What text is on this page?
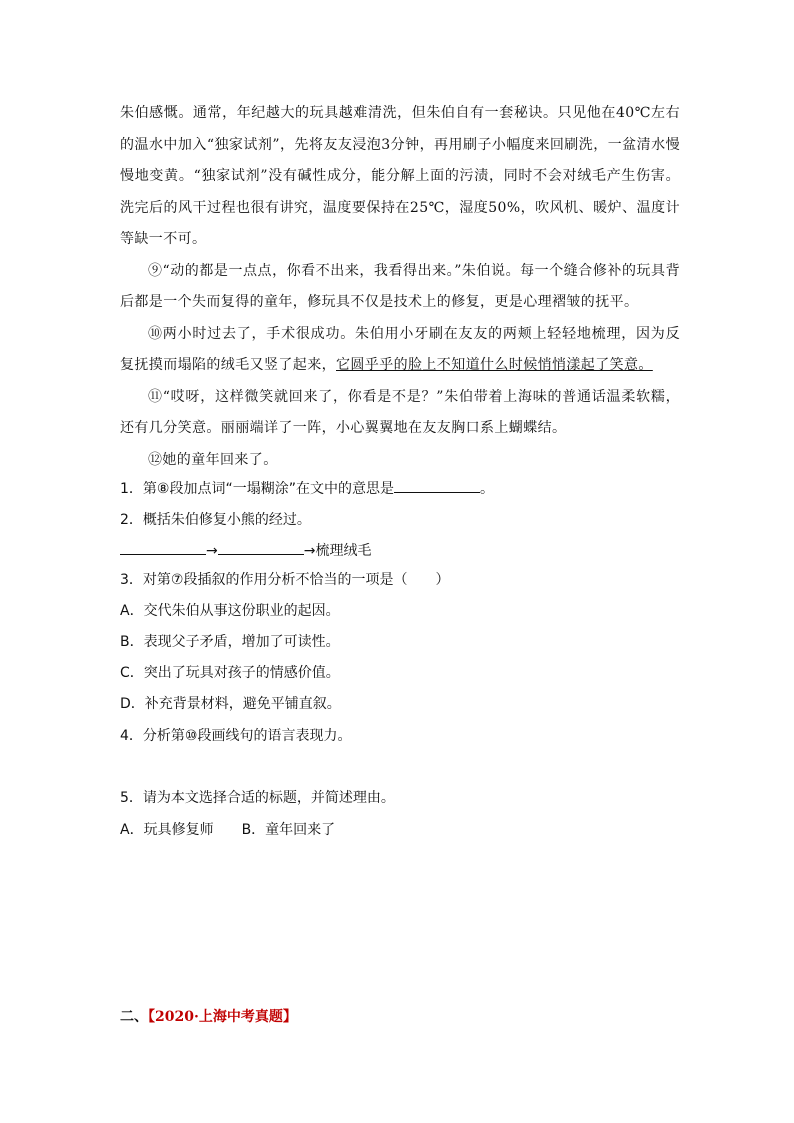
朱伯感慨。通常，年纪越大的玩具越难清洗，但朱伯自有一套秘诀。只见他在40℃左右的温水中加入“独家试剂”，先将友友浸泡3分钟，再用刷子小幅度来回刷洗，一盆清水慢慢地变黄。“独家试剂”没有碱性成分，能分解上面的污渍，同时不会对绒毛产生伤害。洗完后的风干过程也很有讲究，温度要保持在25℃，湿度50%，吹风机、暖炉、温度计等缺一不可。

⑨“动的都是一点点，你看不出来，我看得出来。”朱伯说。每一个缝合修补的玩具背后都是一个失而复得的童年，修玩具不仅是技术上的修复，更是心理褶皱的抚平。

⑩两小时过去了，手术很成功。朱伯用小牙刷在友友的两颊上轻轻地梳理，因为反复抚摸而塌陷的绒毛又竖了起来，它圆乎乎的脸上不知道什么时候悄悄漾起了笑意。

⑪“哎呀，这样微笑就回来了，你看是不是？”朱伯带着上海味的普通话温柔软糯，还有几分笑意。丽丽端详了一阵，小心翼翼地在友友胸口系上蝴蝶结。

⑫她的童年回来了。

1．第⑧段加点词“一塌糊涂”在文中的意思是	。
2．概括朱伯修复小熊的经过。
→	→梳理绒毛
3．对第⑦段插叙的作用分析不恰当的一项是（　　）
A．交代朱伯从事这份职业的起因。
B．表现父子矛盾，增加了可读性。
C．突出了玩具对孩子的情感价值。
D．补充背景材料，避免平铺直叙。
4．分析第⑩段画线句的语言表现力。
5．请为本文选择合适的标题，并简述理由。
A．玩具修复师　　B．童年回来了
二、【2020·上海中考真题】
